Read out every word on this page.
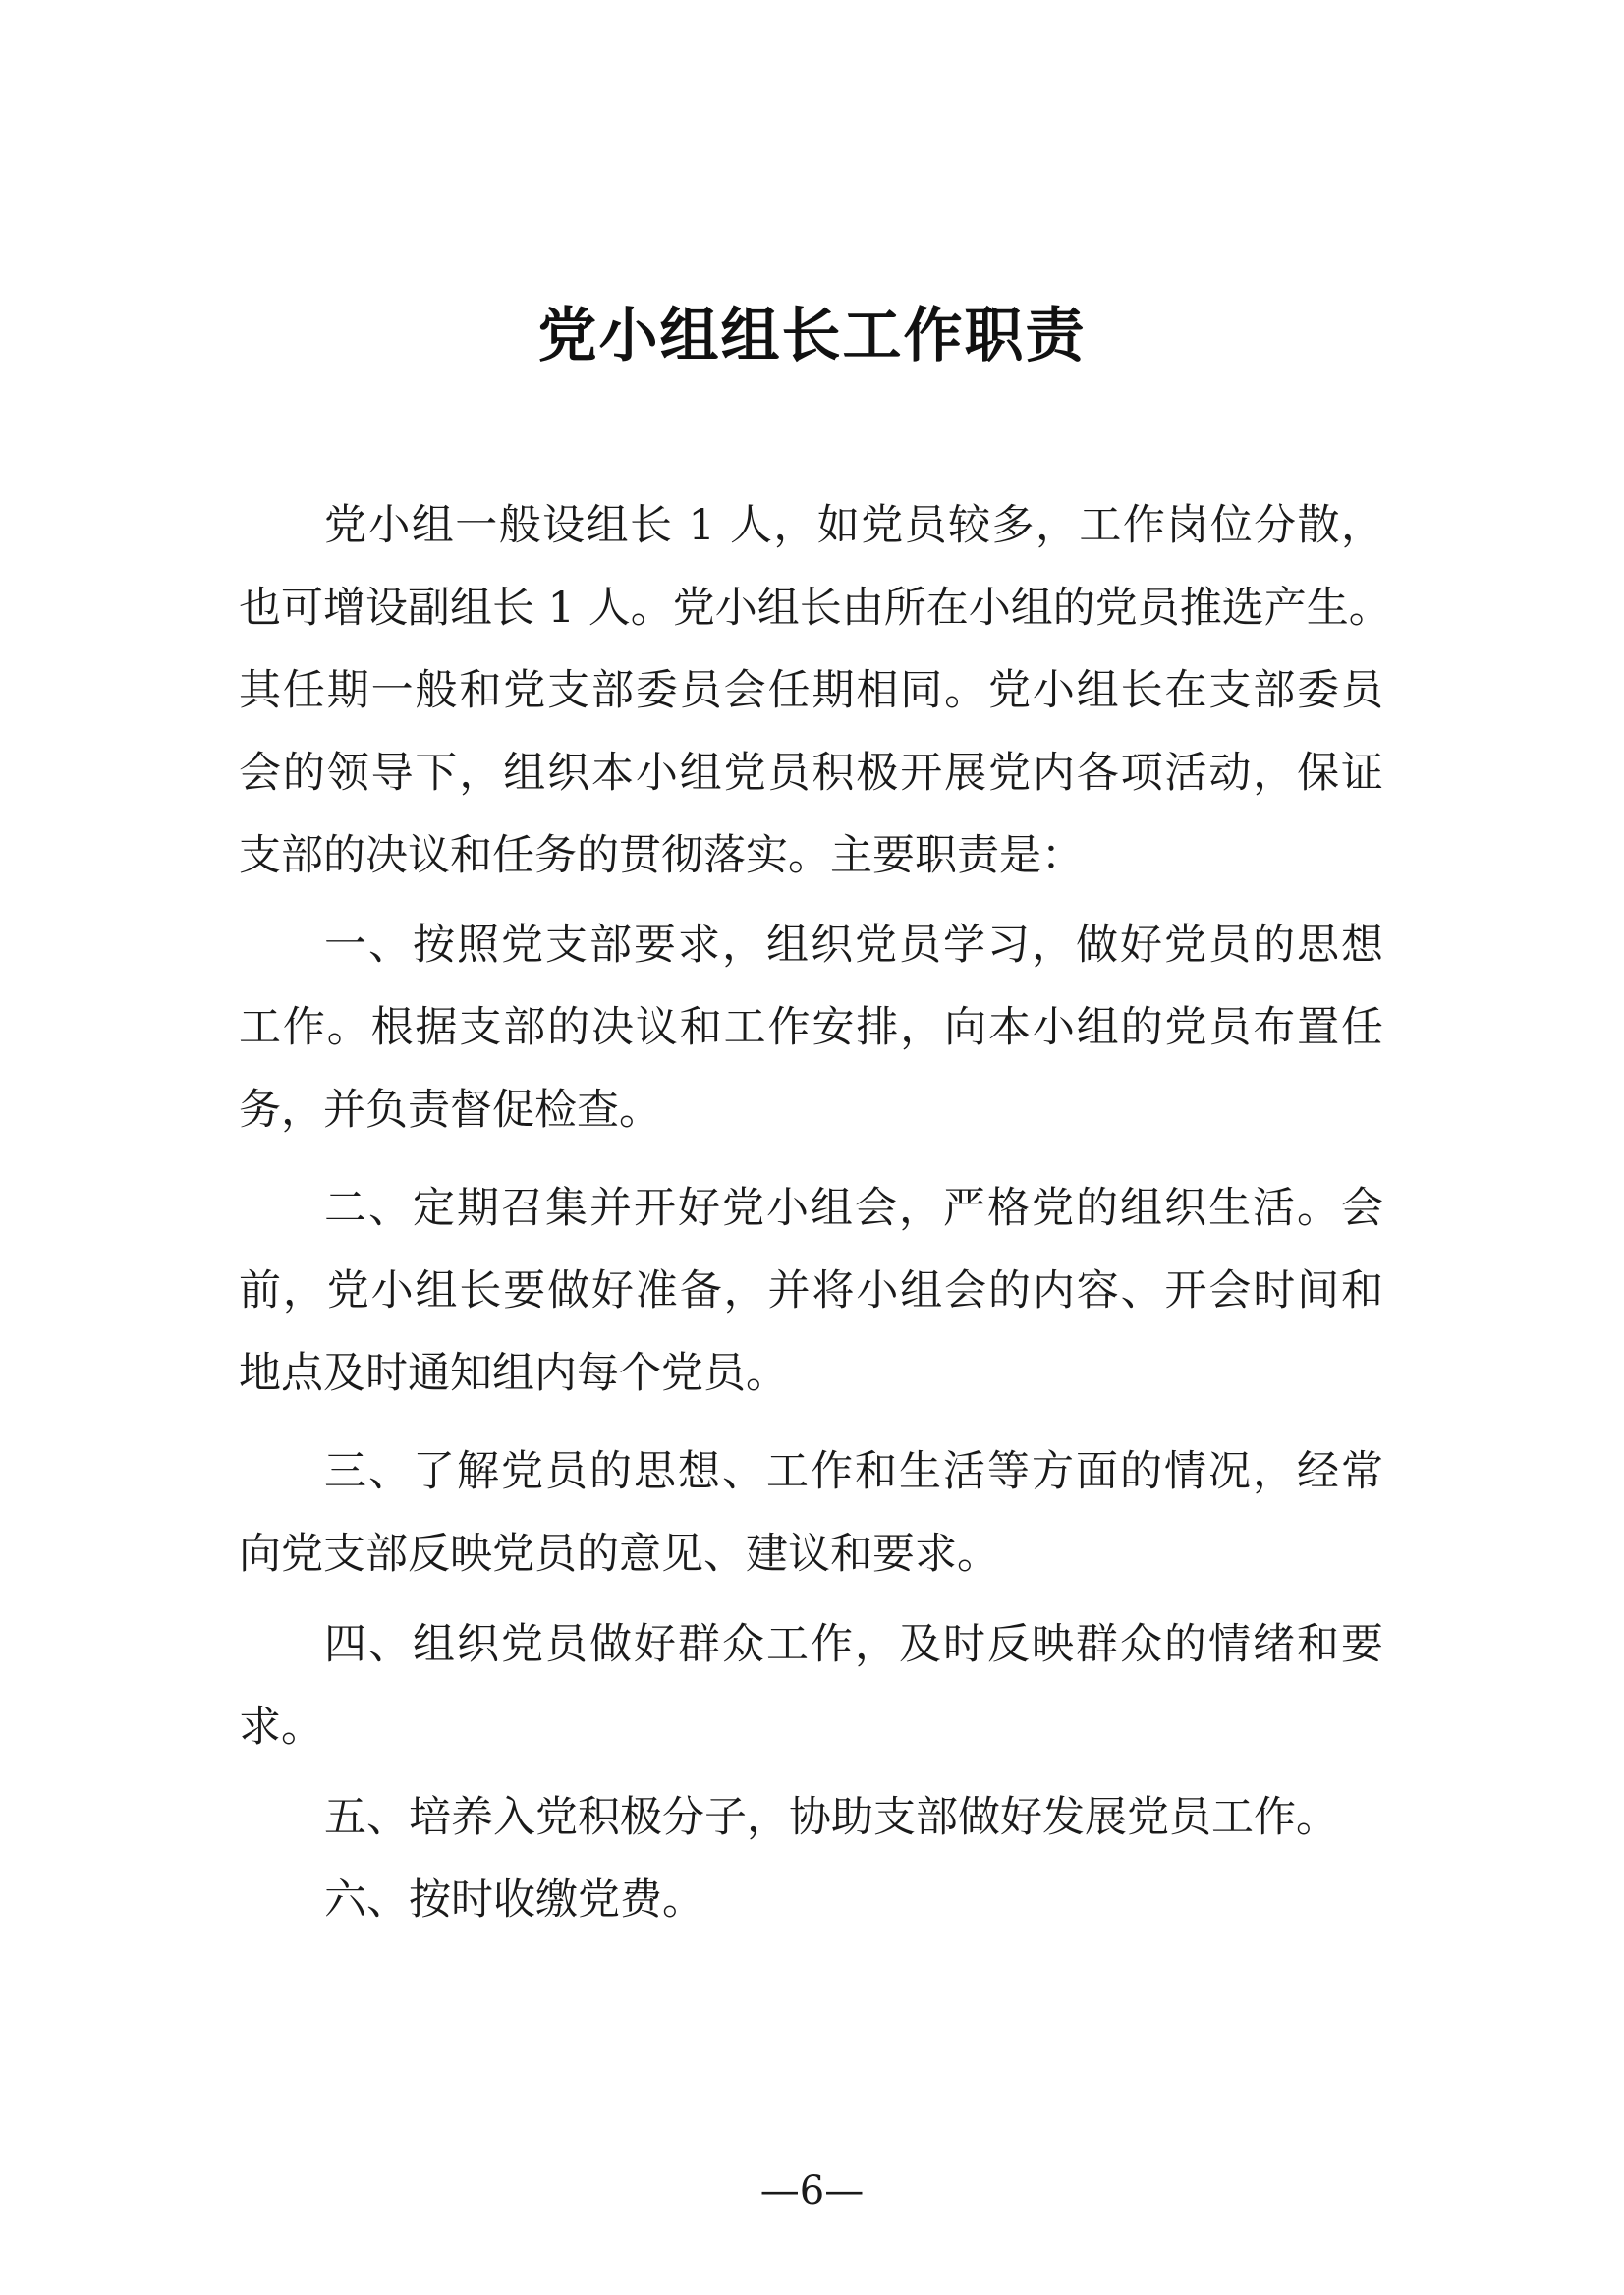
党小组组长工作职责
党小组一般设组长 1 人，如党员较多，工作岗位分散，
也可增设副组长 1 人。党小组长由所在小组的党员推选产生。
其任期一般和党支部委员会任期相同。党小组长在支部委员
会的领导下，组织本小组党员积极开展党内各项活动，保证
支部的决议和任务的贯彻落实。主要职责是：
一、按照党支部要求，组织党员学习，做好党员的思想
工作。根据支部的决议和工作安排，向本小组的党员布置任
务，并负责督促检查。
二、定期召集并开好党小组会，严格党的组织生活。会
前，党小组长要做好准备，并将小组会的内容、开会时间和
地点及时通知组内每个党员。
三、了解党员的思想、工作和生活等方面的情况，经常
向党支部反映党员的意见、建议和要求。
四、组织党员做好群众工作，及时反映群众的情绪和要
求。
五、培养入党积极分子，协助支部做好发展党员工作。
六、按时收缴党费。
—6—
